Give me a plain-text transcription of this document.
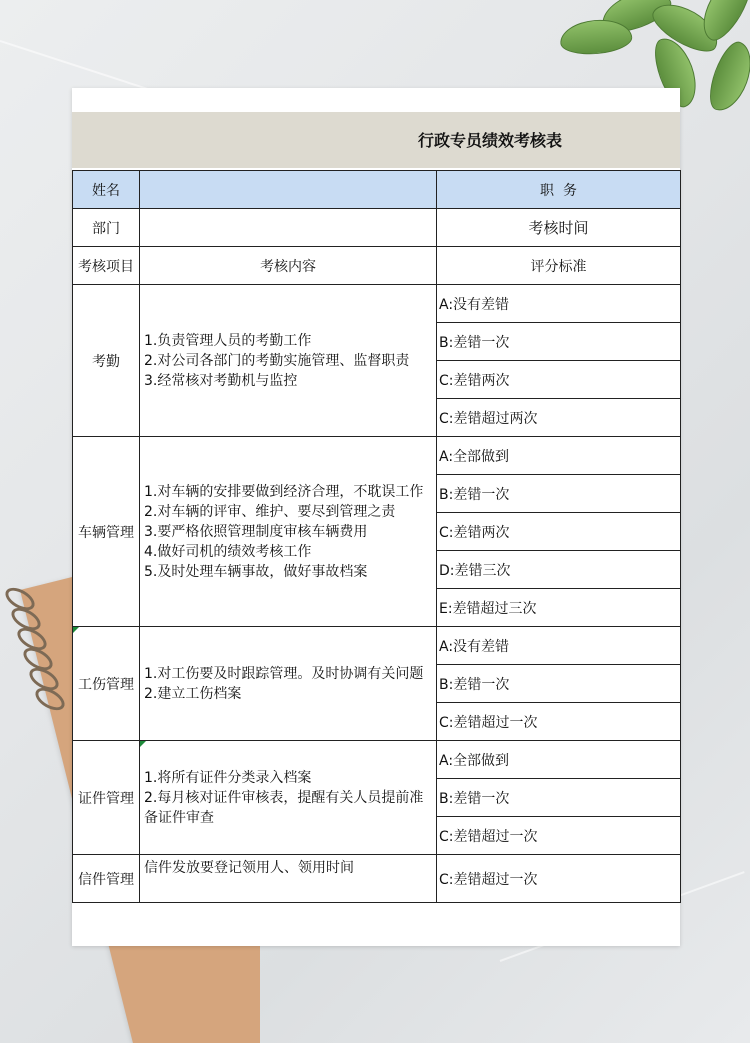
行政专员绩效考核表
姓名		职  务
部门		考核时间
考核项目	考核内容	评分标准
考勤	1.负责管理人员的考勤工作
2.对公司各部门的考勤实施管理、监督职责
3.经常核对考勤机与监控	A:没有差错
		B:差错一次
		C:差错两次
		C:差错超过两次
车辆管理	1.对车辆的安排要做到经济合理，不耽误工作
2.对车辆的评审、维护、要尽到管理之责
3.要严格依照管理制度审核车辆费用
4.做好司机的绩效考核工作
5.及时处理车辆事故，做好事故档案	A:全部做到
		B:差错一次
		C:差错两次
		D:差错三次
		E:差错超过三次
工伤管理	1.对工伤要及时跟踪管理。及时协调有关问题
2.建立工伤档案	A:没有差错
		B:差错一次
		C:差错超过一次
证件管理	1.将所有证件分类录入档案
2.每月核对证件审核表，提醒有关人员提前准备证件审查	A:全部做到
		B:差错一次
		C:差错超过一次
信件管理	信件发放要登记领用人、领用时间	C:差错超过一次
